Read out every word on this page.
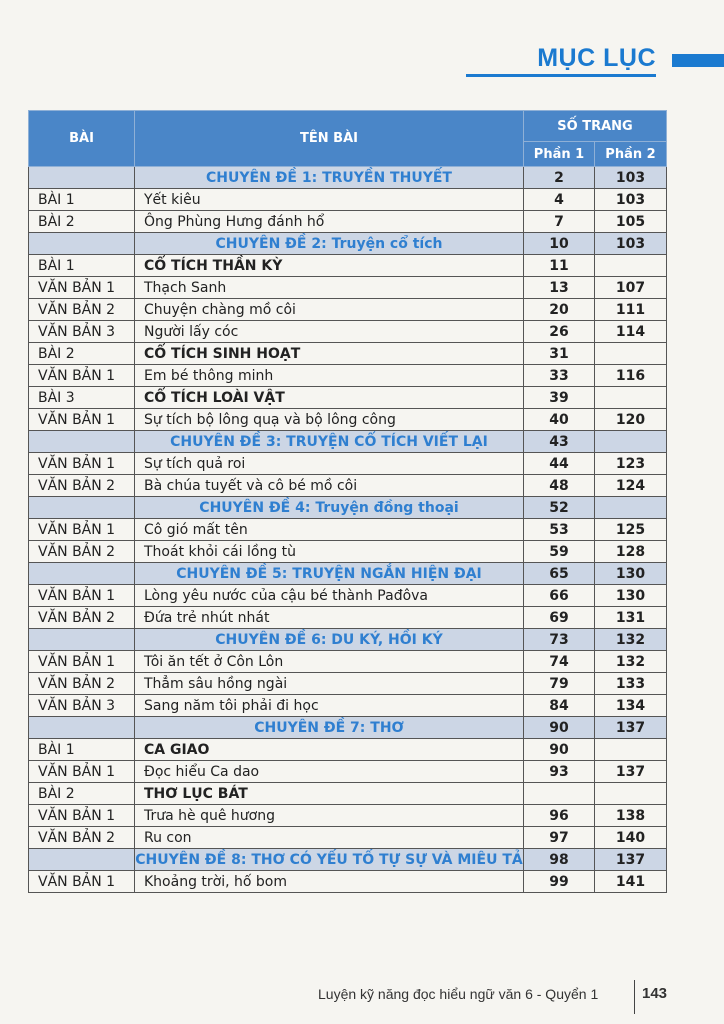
MỤC LỤC
BÀI	TÊN BÀI	SỐ TRANG	
		Phần 1	Phần 2
	CHUYÊN ĐỀ 1: TRUYỀN THUYẾT	2	103
BÀI 1	Yết kiêu	4	103
BÀI 2	Ông Phùng Hưng đánh hổ	7	105
	CHUYÊN ĐỀ 2: Truyện cổ tích	10	103
BÀI 1	CỔ TÍCH THẦN KỲ	11	
VĂN BẢN 1	Thạch Sanh	13	107
VĂN BẢN 2	Chuyện chàng mồ côi	20	111
VĂN BẢN 3	Người lấy cóc	26	114
BÀI 2	CỔ TÍCH SINH HOẠT	31	
VĂN BẢN 1	Em bé thông minh	33	116
BÀI 3	CỔ TÍCH LOÀI VẬT	39	
VĂN BẢN 1	Sự tích bộ lông quạ và bộ lông công	40	120
	CHUYÊN ĐỀ 3: TRUYỆN CỔ TÍCH VIẾT LẠI	43	
VĂN BẢN 1	Sự tích quả roi	44	123
VĂN BẢN 2	Bà chúa tuyết và cô bé mồ côi	48	124
	CHUYÊN ĐỀ 4: Truyện đồng thoại	52	
VĂN BẢN 1	Cô gió mất tên	53	125
VĂN BẢN 2	Thoát khỏi cái lồng tù	59	128
	CHUYÊN ĐỀ 5: TRUYỆN NGẮN HIỆN ĐẠI	65	130
VĂN BẢN 1	Lòng yêu nước của cậu bé thành Pađôva	66	130
VĂN BẢN 2	Đứa trẻ nhút nhát	69	131
	CHUYÊN ĐỀ 6: DU KÝ, HỒI KÝ	73	132
VĂN BẢN 1	Tôi ăn tết ở Côn Lôn	74	132
VĂN BẢN 2	Thẳm sâu hồng ngài	79	133
VĂN BẢN 3	Sang năm tôi phải đi học	84	134
	CHUYÊN ĐỀ 7: THƠ	90	137
BÀI 1	CA GIAO	90	
VĂN BẢN 1	Đọc hiểu Ca dao	93	137
BÀI 2	THƠ LỤC BÁT		
VĂN BẢN 1	Trưa hè quê hương	96	138
VĂN BẢN 2	Ru con	97	140
	CHUYÊN ĐỀ 8: THƠ CÓ YẾU TỐ TỰ SỰ VÀ MIÊU TẢ	98	137
VĂN BẢN 1	Khoảng trời, hố bom	99	141
Luyện kỹ năng đọc hiểu ngữ văn 6 - Quyển 1	143
